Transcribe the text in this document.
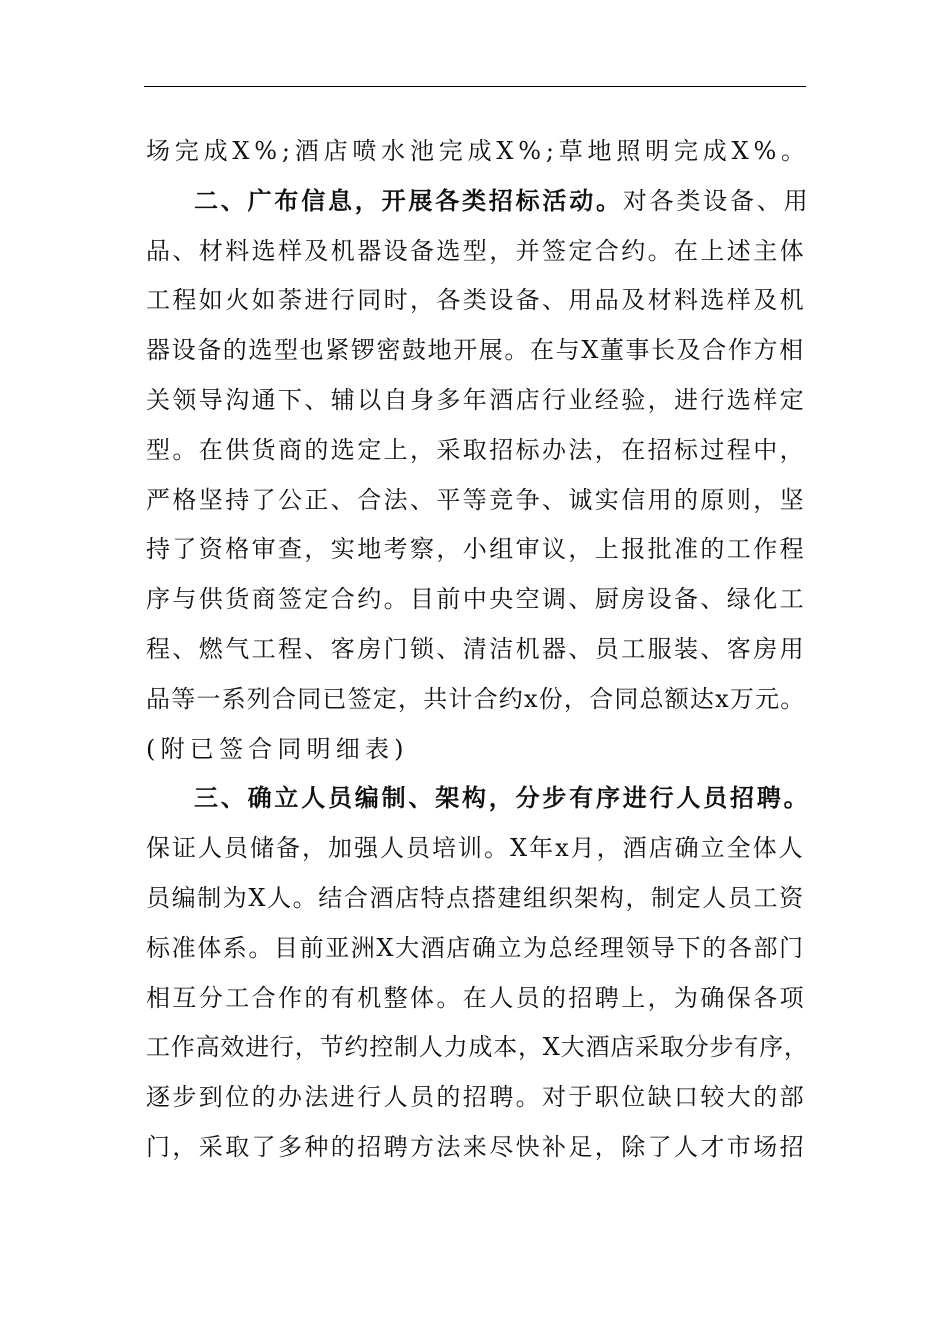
场完成X%;酒店喷水池完成X%;草地照明完成X%。
二、广布信息，开展各类招标活动。对各类设备、用
品、材料选样及机器设备选型，并签定合约。在上述主体
工程如火如荼进行同时，各类设备、用品及材料选样及机
器设备的选型也紧锣密鼓地开展。在与X董事长及合作方相
关领导沟通下、辅以自身多年酒店行业经验，进行选样定
型。在供货商的选定上，采取招标办法，在招标过程中，
严格坚持了公正、合法、平等竞争、诚实信用的原则，坚
持了资格审查，实地考察，小组审议，上报批准的工作程
序与供货商签定合约。目前中央空调、厨房设备、绿化工
程、燃气工程、客房门锁、清洁机器、员工服装、客房用
品等一系列合同已签定，共计合约x份，合同总额达x万元。
(附已签合同明细表)
三、确立人员编制、架构，分步有序进行人员招聘。
保证人员储备，加强人员培训。X年x月，酒店确立全体人
员编制为X人。结合酒店特点搭建组织架构，制定人员工资
标准体系。目前亚洲X大酒店确立为总经理领导下的各部门
相互分工合作的有机整体。在人员的招聘上，为确保各项
工作高效进行，节约控制人力成本，X大酒店采取分步有序，
逐步到位的办法进行人员的招聘。对于职位缺口较大的部
门，采取了多种的招聘方法来尽快补足，除了人才市场招
